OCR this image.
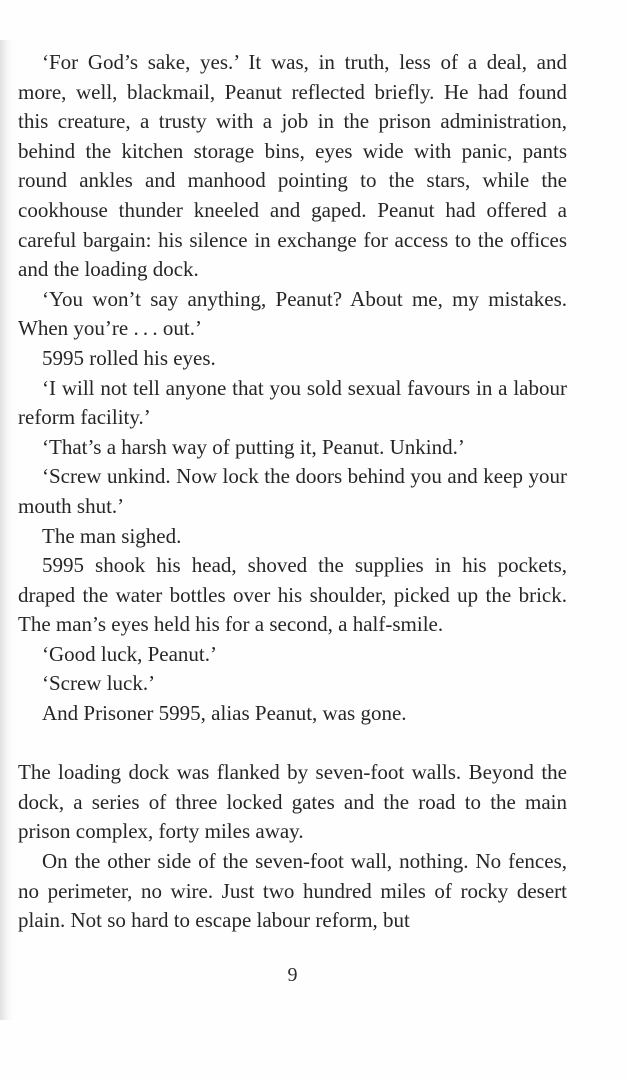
‘For God’s sake, yes.’ It was, in truth, less of a deal, and more, well, blackmail, Peanut reflected briefly. He had found this creature, a trusty with a job in the prison administration, behind the kitchen storage bins, eyes wide with panic, pants round ankles and manhood pointing to the stars, while the cookhouse thunder kneeled and gaped. Peanut had offered a careful bargain: his silence in exchange for access to the offices and the loading dock.

‘You won’t say anything, Peanut? About me, my mistakes. When you’re . . . out.’

5995 rolled his eyes.

‘I will not tell anyone that you sold sexual favours in a labour reform facility.’

‘That’s a harsh way of putting it, Peanut. Unkind.’

‘Screw unkind. Now lock the doors behind you and keep your mouth shut.’

The man sighed.

5995 shook his head, shoved the supplies in his pockets, draped the water bottles over his shoulder, picked up the brick. The man’s eyes held his for a second, a half-smile.

‘Good luck, Peanut.’

‘Screw luck.’

And Prisoner 5995, alias Peanut, was gone.

The loading dock was flanked by seven-foot walls. Beyond the dock, a series of three locked gates and the road to the main prison complex, forty miles away.

On the other side of the seven-foot wall, nothing. No fences, no perimeter, no wire. Just two hundred miles of rocky desert plain. Not so hard to escape labour reform, but

9
